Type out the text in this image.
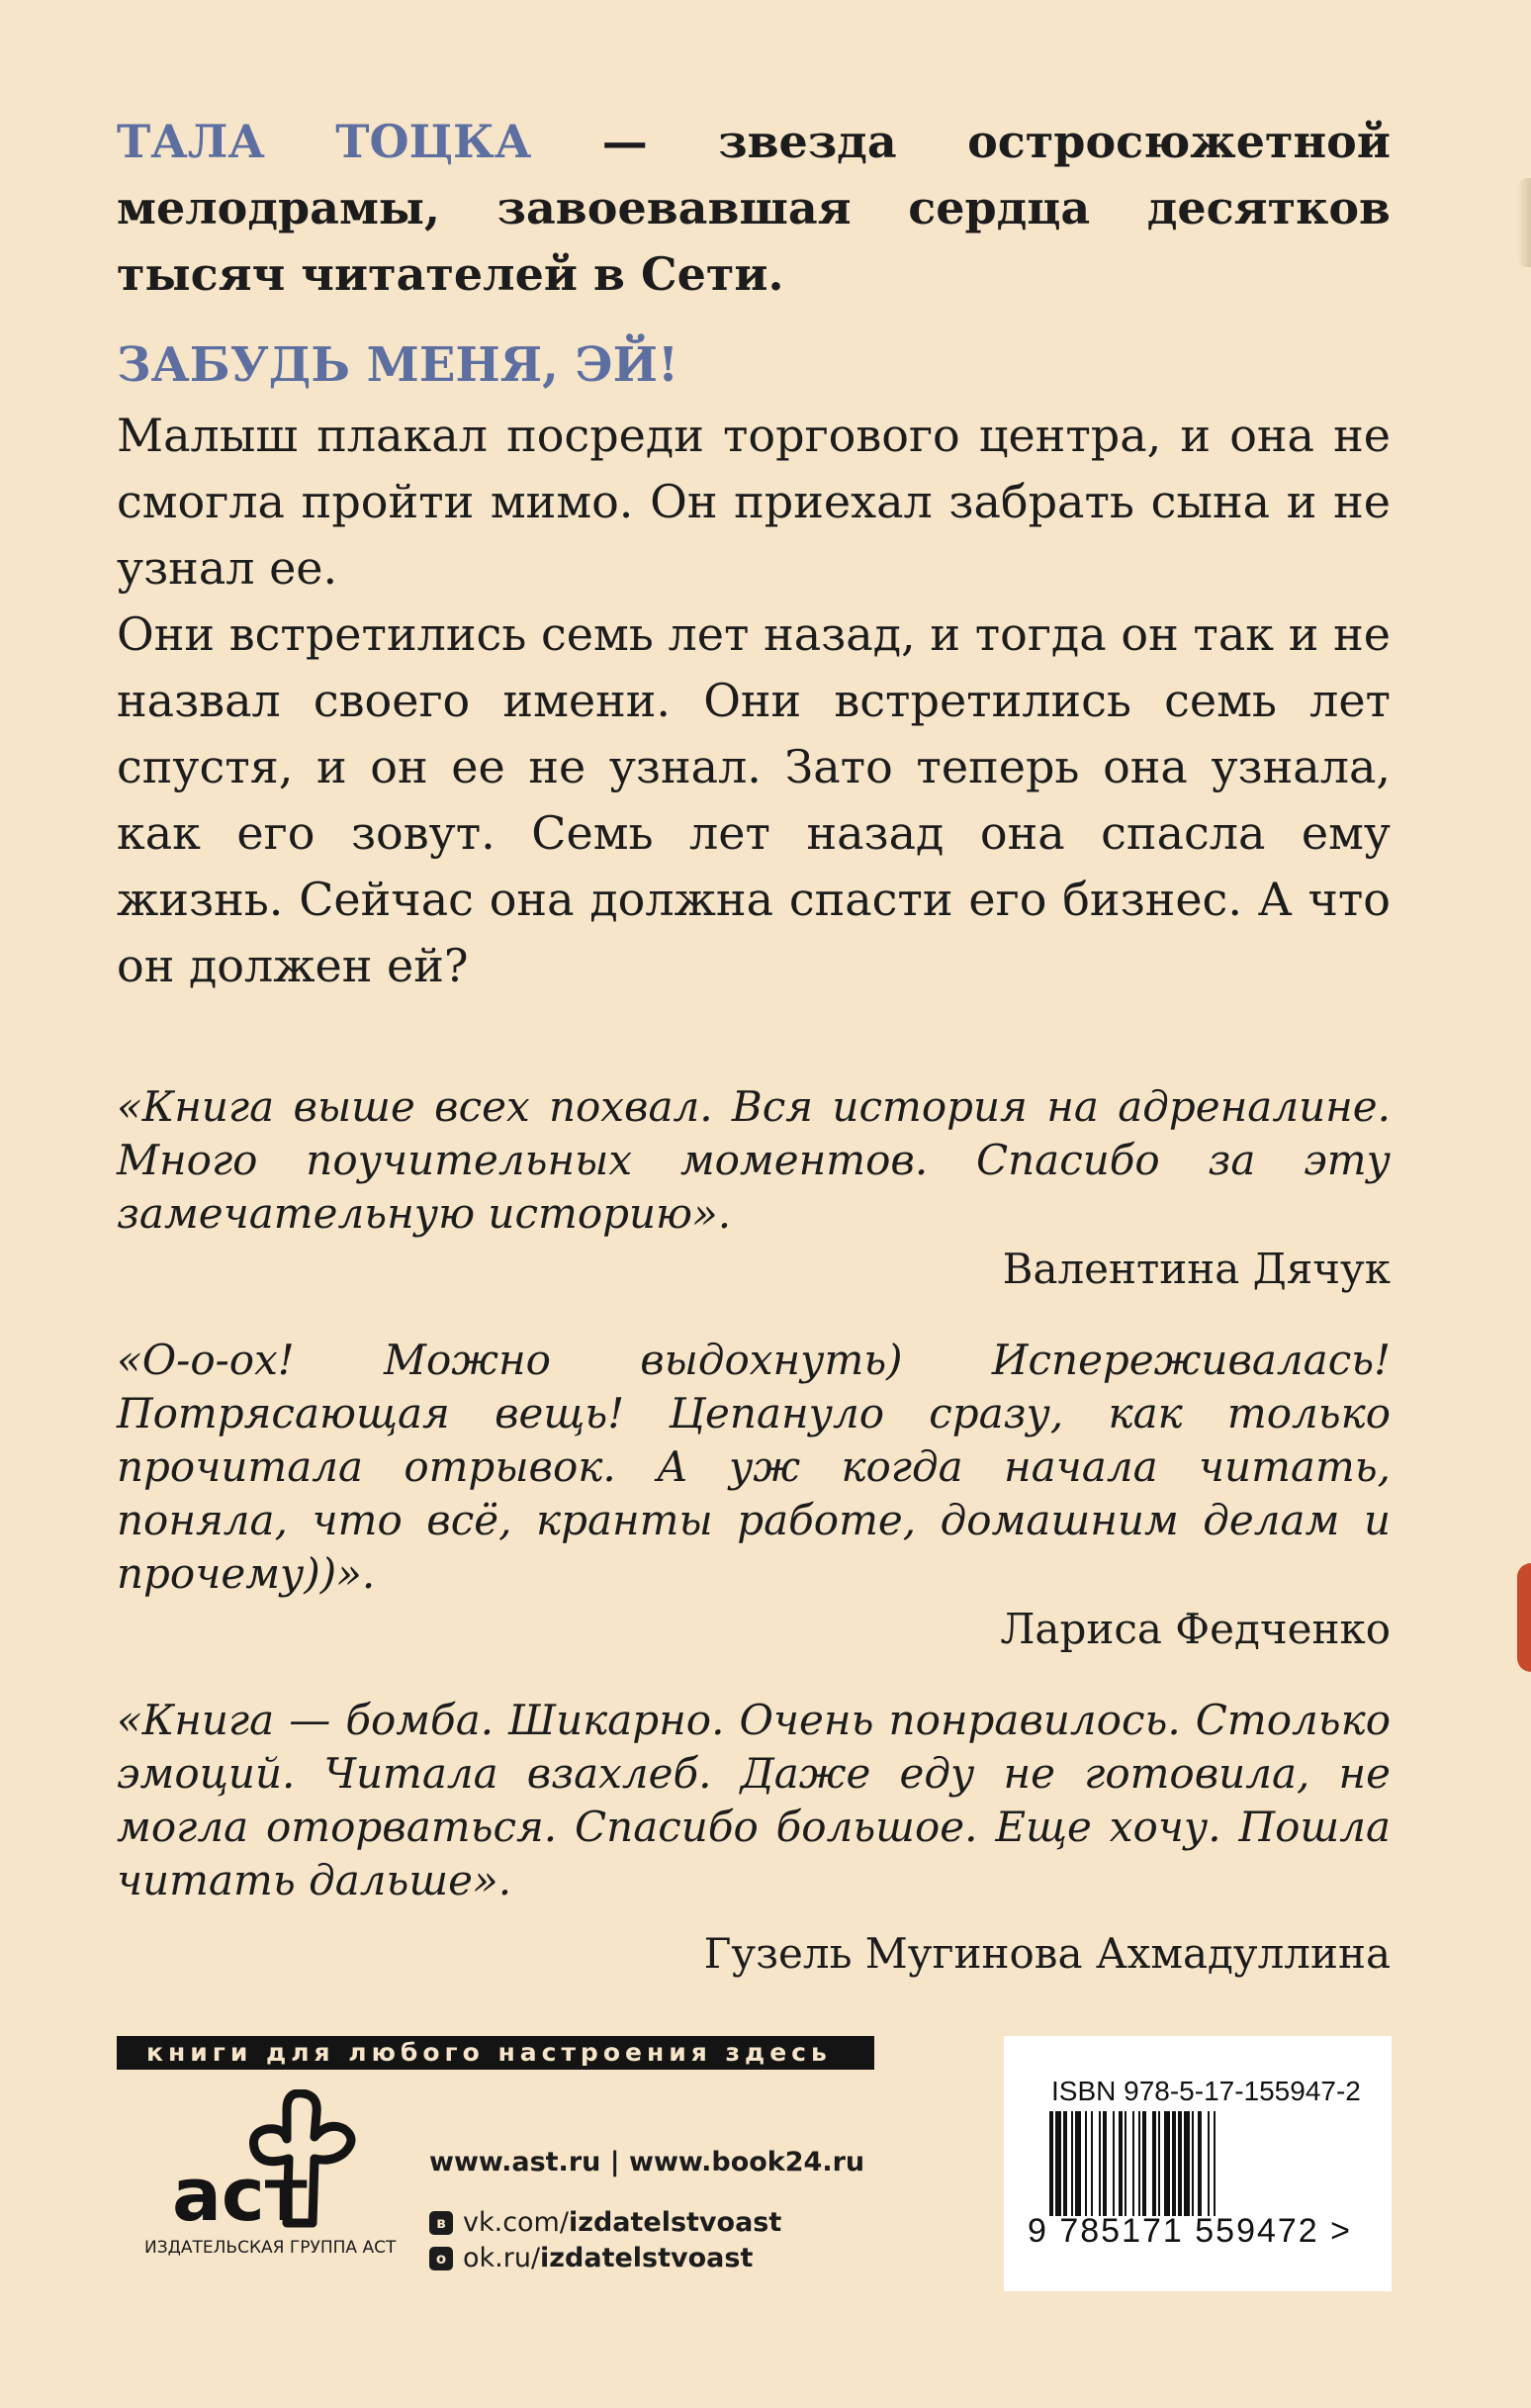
ТАЛА ТОЦКА — звезда остросюжетной мелодрамы, завоевавшая сердца десятков тысяч читателей в Сети.

ЗАБУДЬ МЕНЯ, ЭЙ!

Малыш плакал посреди торгового центра, и она не смогла пройти мимо. Он приехал забрать сына и не узнал ее.

Они встретились семь лет назад, и тогда он так и не назвал своего имени. Они встретились семь лет спустя, и он ее не узнал. Зато теперь она узнала, как его зовут. Семь лет назад она спасла ему жизнь. Сейчас она должна спасти его бизнес. А что он должен ей?

«Книга выше всех похвал. Вся история на адреналине. Много поучительных моментов. Спасибо за эту замечательную историю».

Валентина Дячук

«О-о-ох! Можно выдохнуть) Испереживалась! Потрясающая вещь! Цепануло сразу, как только прочитала отрывок. А уж когда начала читать, поняла, что всё, кранты работе, домашним делам и прочему))».

Лариса Федченко

«Книга — бомба. Шикарно. Очень понравилось. Столько эмоций. Читала взахлеб. Даже еду не готовила, не могла оторваться. Спасибо большое. Еще хочу. Пошла читать дальше».

Гузель Мугинова Ахмадуллина
книги для любого настроения здесь
аст
ИЗДАТЕЛЬСКАЯ ГРУППА АСТ
www.ast.ru | www.book24.ru
в vk.com/izdatelstvoast
о ok.ru/izdatelstvoast
ISBN 978-5-17-155947-2
9 785171 559472 >
